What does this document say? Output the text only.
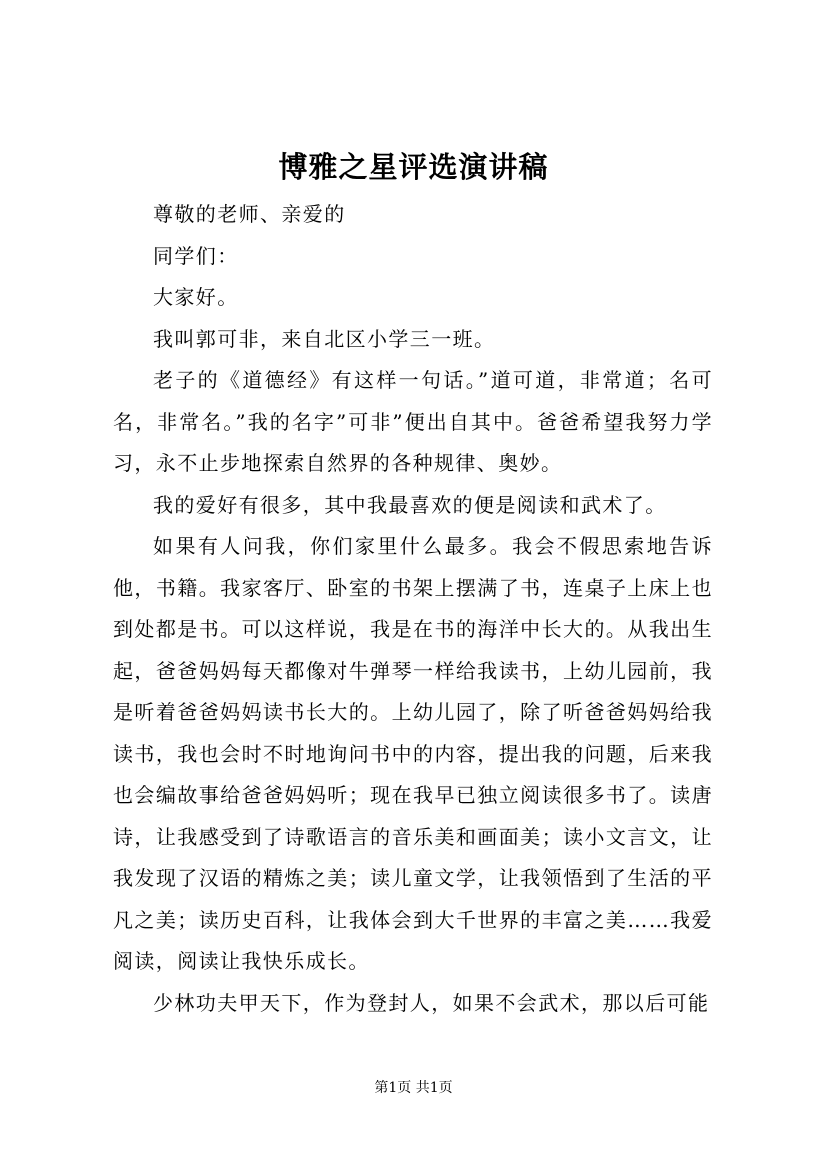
博雅之星评选演讲稿

尊敬的老师、亲爱的

同学们：

大家好。

我叫郭可非，来自北区小学三一班。

老子的《道德经》有这样一句话。”道可道，非常道；名可名，非常名。”我的名字”可非”便出自其中。爸爸希望我努力学习，永不止步地探索自然界的各种规律、奥妙。

我的爱好有很多，其中我最喜欢的便是阅读和武术了。

如果有人问我，你们家里什么最多。我会不假思索地告诉他，书籍。我家客厅、卧室的书架上摆满了书，连桌子上床上也到处都是书。可以这样说，我是在书的海洋中长大的。从我出生起，爸爸妈妈每天都像对牛弹琴一样给我读书，上幼儿园前，我是听着爸爸妈妈读书长大的。上幼儿园了，除了听爸爸妈妈给我读书，我也会时不时地询问书中的内容，提出我的问题，后来我也会编故事给爸爸妈妈听；现在我早已独立阅读很多书了。读唐诗，让我感受到了诗歌语言的音乐美和画面美；读小文言文，让我发现了汉语的精炼之美；读儿童文学，让我领悟到了生活的平凡之美；读历史百科，让我体会到大千世界的丰富之美……我爱阅读，阅读让我快乐成长。

少林功夫甲天下，作为登封人，如果不会武术，那以后可能

第1页 共1页
